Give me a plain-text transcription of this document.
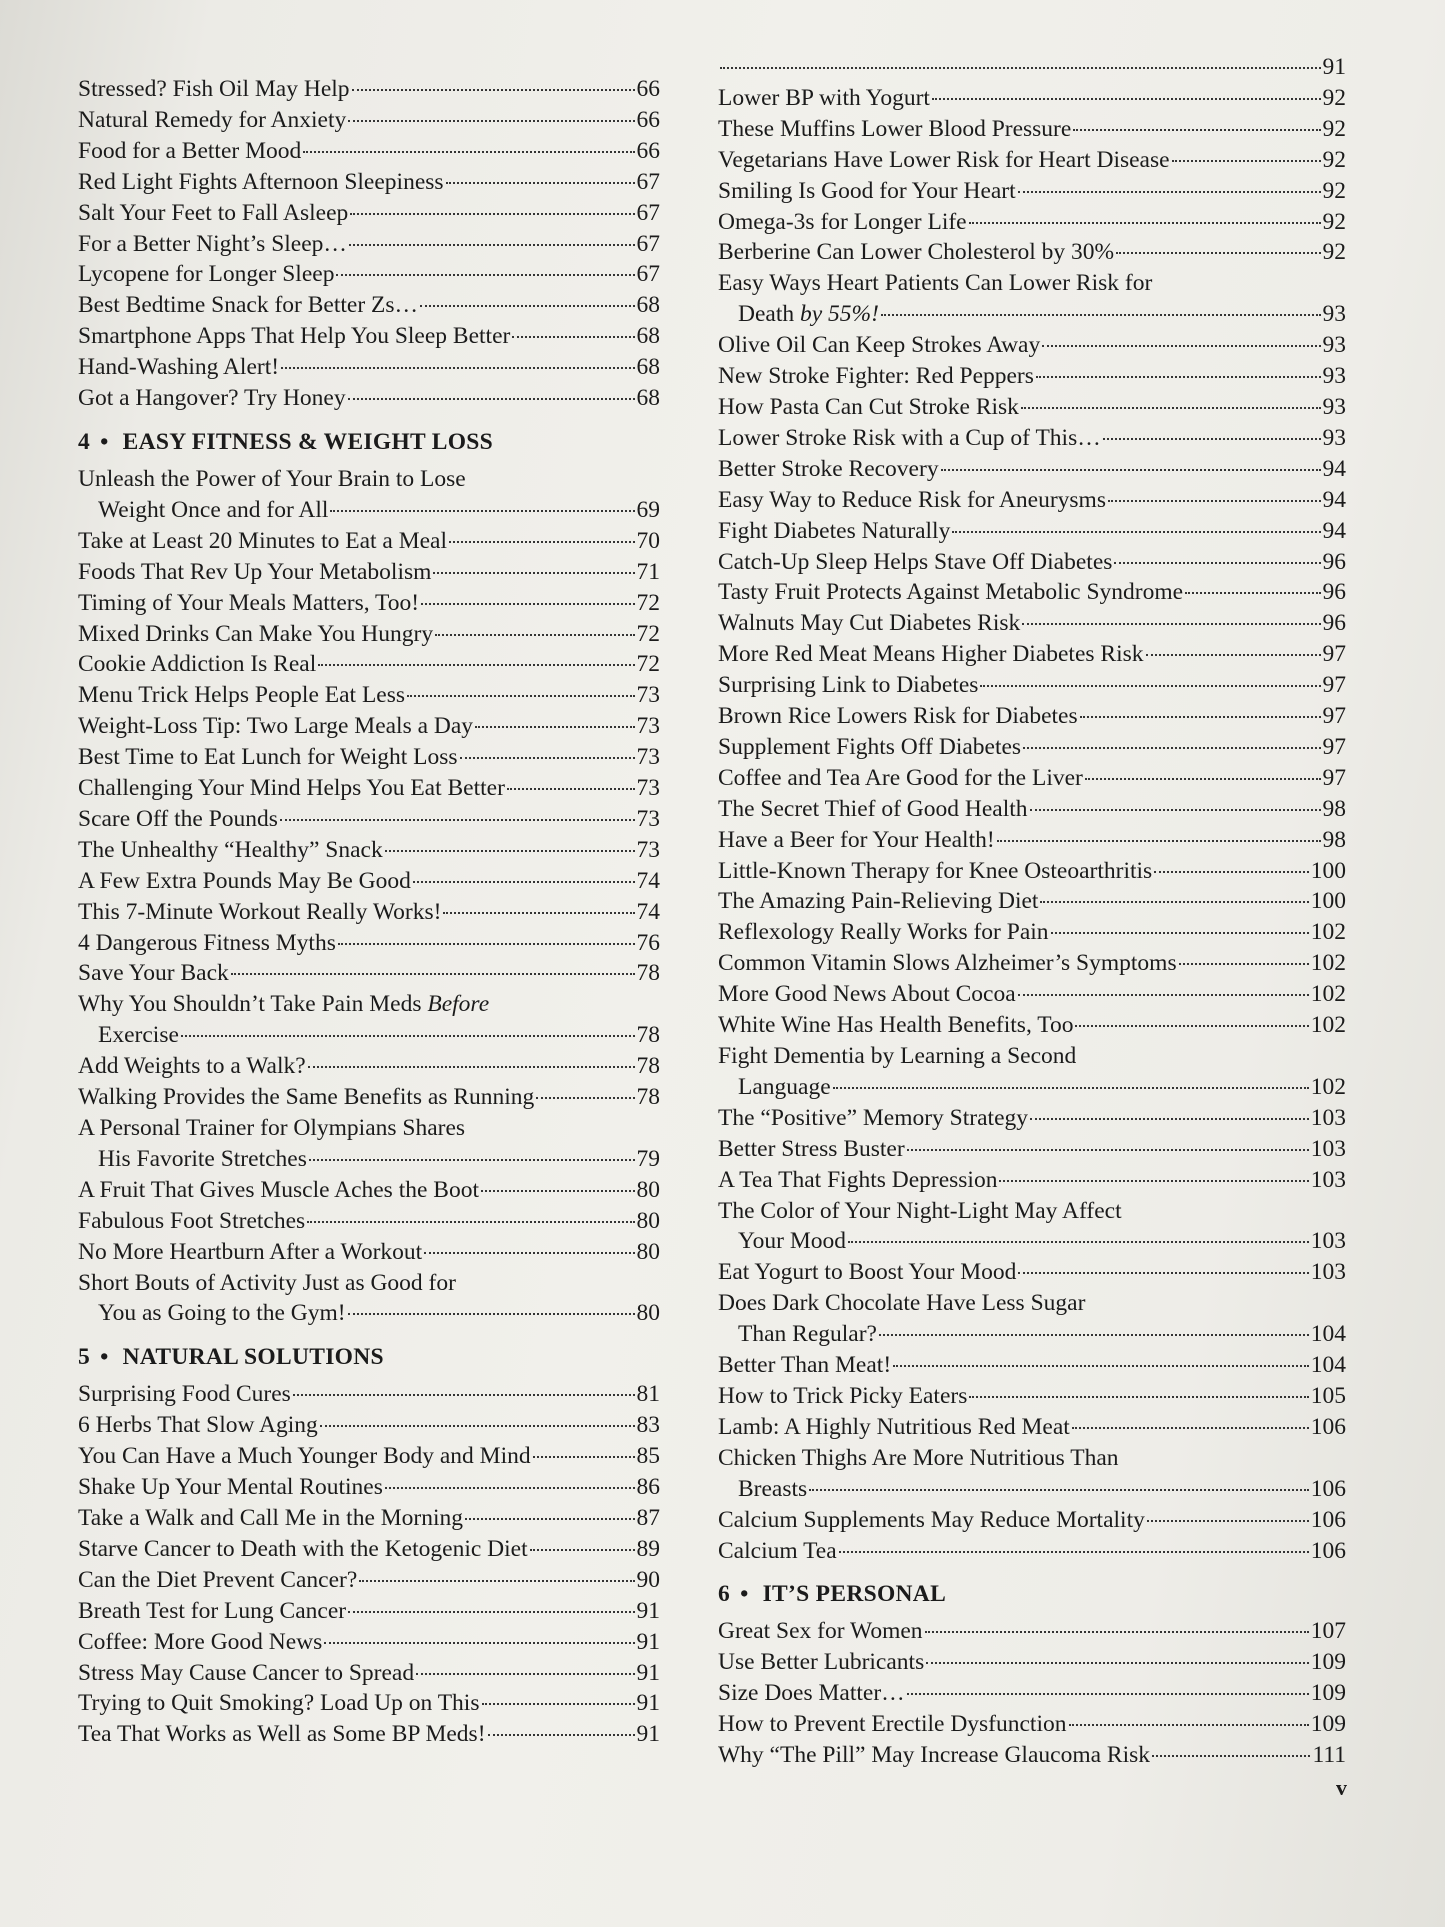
Stressed? Fish Oil May Help	66
Natural Remedy for Anxiety	66
Food for a Better Mood	66
Red Light Fights Afternoon Sleepiness	67
Salt Your Feet to Fall Asleep	67
For a Better Night’s Sleep…	67
Lycopene for Longer Sleep	67
Best Bedtime Snack for Better Zs…	68
Smartphone Apps That Help You Sleep Better	68
Hand-Washing Alert!	68
Got a Hangover? Try Honey	68
4 • EASY FITNESS & WEIGHT LOSS
Unleash the Power of Your Brain to Lose
Weight Once and for All	69
Take at Least 20 Minutes to Eat a Meal	70
Foods That Rev Up Your Metabolism	71
Timing of Your Meals Matters, Too!	72
Mixed Drinks Can Make You Hungry	72
Cookie Addiction Is Real	72
Menu Trick Helps People Eat Less	73
Weight-Loss Tip: Two Large Meals a Day	73
Best Time to Eat Lunch for Weight Loss	73
Challenging Your Mind Helps You Eat Better	73
Scare Off the Pounds	73
The Unhealthy “Healthy” Snack	73
A Few Extra Pounds May Be Good	74
This 7-Minute Workout Really Works!	74
4 Dangerous Fitness Myths	76
Save Your Back	78
Why You Shouldn’t Take Pain Meds Before
Exercise	78
Add Weights to a Walk?	78
Walking Provides the Same Benefits as Running	78
A Personal Trainer for Olympians Shares
His Favorite Stretches	79
A Fruit That Gives Muscle Aches the Boot	80
Fabulous Foot Stretches	80
No More Heartburn After a Workout	80
Short Bouts of Activity Just as Good for
You as Going to the Gym!	80
5 • NATURAL SOLUTIONS
Surprising Food Cures	81
6 Herbs That Slow Aging	83
You Can Have a Much Younger Body and Mind	85
Shake Up Your Mental Routines	86
Take a Walk and Call Me in the Morning	87
Starve Cancer to Death with the Ketogenic Diet	89
Can the Diet Prevent Cancer?	90
Breath Test for Lung Cancer	91
Coffee: More Good News	91
Stress May Cause Cancer to Spread	91
Trying to Quit Smoking? Load Up on This	91
Tea That Works as Well as Some BP Meds!	91
91
Lower BP with Yogurt	92
These Muffins Lower Blood Pressure	92
Vegetarians Have Lower Risk for Heart Disease	92
Smiling Is Good for Your Heart	92
Omega-3s for Longer Life	92
Berberine Can Lower Cholesterol by 30%	92
Easy Ways Heart Patients Can Lower Risk for
Death by 55%!	93
Olive Oil Can Keep Strokes Away	93
New Stroke Fighter: Red Peppers	93
How Pasta Can Cut Stroke Risk	93
Lower Stroke Risk with a Cup of This…	93
Better Stroke Recovery	94
Easy Way to Reduce Risk for Aneurysms	94
Fight Diabetes Naturally	94
Catch-Up Sleep Helps Stave Off Diabetes	96
Tasty Fruit Protects Against Metabolic Syndrome	96
Walnuts May Cut Diabetes Risk	96
More Red Meat Means Higher Diabetes Risk	97
Surprising Link to Diabetes	97
Brown Rice Lowers Risk for Diabetes	97
Supplement Fights Off Diabetes	97
Coffee and Tea Are Good for the Liver	97
The Secret Thief of Good Health	98
Have a Beer for Your Health!	98
Little-Known Therapy for Knee Osteoarthritis	100
The Amazing Pain-Relieving Diet	100
Reflexology Really Works for Pain	102
Common Vitamin Slows Alzheimer’s Symptoms	102
More Good News About Cocoa	102
White Wine Has Health Benefits, Too	102
Fight Dementia by Learning a Second
Language	102
The “Positive” Memory Strategy	103
Better Stress Buster	103
A Tea That Fights Depression	103
The Color of Your Night-Light May Affect
Your Mood	103
Eat Yogurt to Boost Your Mood	103
Does Dark Chocolate Have Less Sugar
Than Regular?	104
Better Than Meat!	104
How to Trick Picky Eaters	105
Lamb: A Highly Nutritious Red Meat	106
Chicken Thighs Are More Nutritious Than
Breasts	106
Calcium Supplements May Reduce Mortality	106
Calcium Tea	106
6 • IT’S PERSONAL
Great Sex for Women	107
Use Better Lubricants	109
Size Does Matter…	109
How to Prevent Erectile Dysfunction	109
Why “The Pill” May Increase Glaucoma Risk	111
v
